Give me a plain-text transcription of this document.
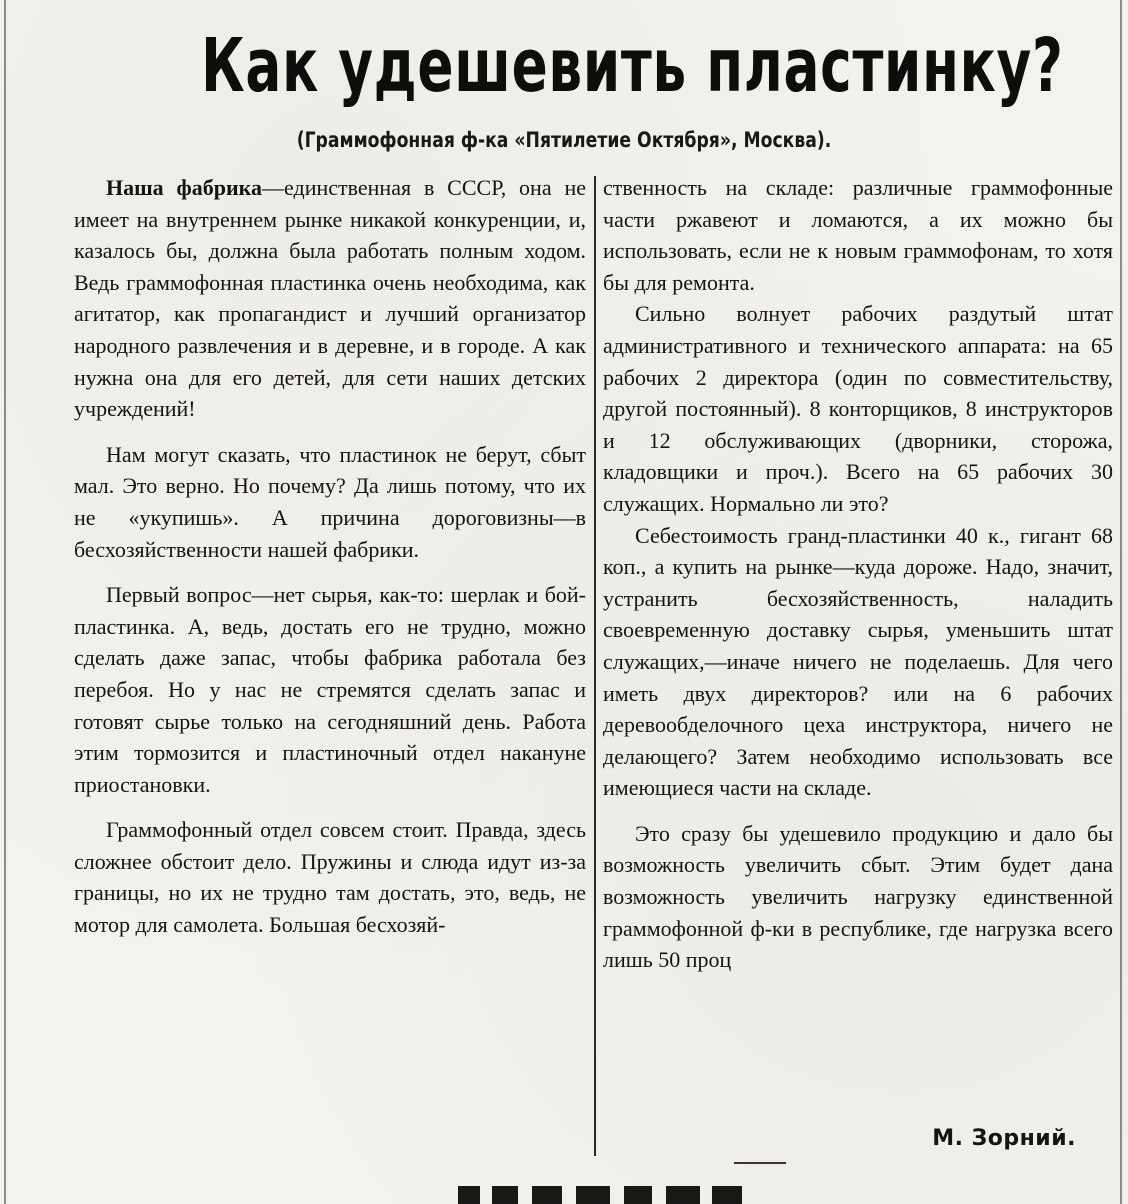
Как удешевить пластинку?
(Граммофонная ф-ка «Пятилетие Октября», Москва).

Наша фабрика—единственная в СССР, она не имеет на внутреннем рынке никакой конкуренции, и, казалось бы, должна была работать полным ходом. Ведь граммофонная пластинка очень необходима, как агитатор, как пропагандист и лучший организатор народного развлечения и в деревне, и в городе. А как нужна она для его детей, для сети наших детских учреждений!

Нам могут сказать, что пластинок не берут, сбыт мал. Это верно. Но почему? Да лишь потому, что их не «укупишь». А причина дороговизны—в бесхозяйственности нашей фабрики.

Первый вопрос—нет сырья, как-то: шерлак и бой-пластинка. А, ведь, достать его не трудно, можно сделать даже запас, чтобы фабрика работала без перебоя. Но у нас не стремятся сделать запас и готовят сырье только на сегодняшний день. Работа этим тормозится и пластиночный отдел накануне приостановки.

Граммофонный отдел совсем стоит. Правда, здесь сложнее обстоит дело. Пружины и слюда идут из-за границы, но их не трудно там достать, это, ведь, не мотор для самолета. Большая бесхозяй-

ственность на складе: различные граммофонные части ржавеют и ломаются, а их можно бы использовать, если не к новым граммофонам, то хотя бы для ремонта.

Сильно волнует рабочих раздутый штат административного и технического аппарата: на 65 рабочих 2 директора (один по совместительству, другой постоянный). 8 конторщиков, 8 инструкторов и 12 обслуживающих (дворники, сторожа, кладовщики и проч.). Всего на 65 рабочих 30 служащих. Нормально ли это?

Себестоимость гранд-пластинки 40 к., гигант 68 коп., а купить на рынке—куда дороже. Надо, значит, устранить бесхозяйственность, наладить своевременную доставку сырья, уменьшить штат служащих,—иначе ничего не поделаешь. Для чего иметь двух директоров? или на 6 рабочих деревообделочного цеха инструктора, ничего не делающего? Затем необходимо использовать все имеющиеся части на складе.

Это сразу бы удешевило продукцию и дало бы возможность увеличить сбыт. Этим будет дана возможность увеличить нагрузку единственной граммофонной ф-ки в республике, где нагрузка всего лишь 50 проц

М. Зорний.
